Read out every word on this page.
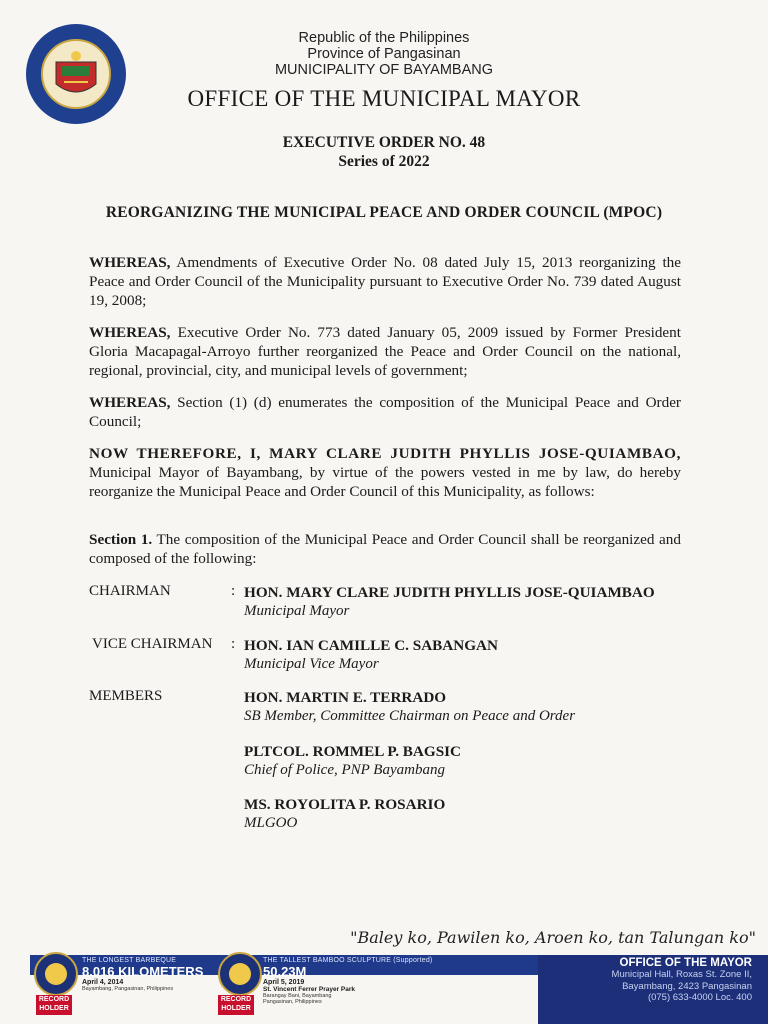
Republic of the Philippines
Province of Pangasinan
MUNICIPALITY OF BAYAMBANG
OFFICE OF THE MUNICIPAL MAYOR
EXECUTIVE ORDER NO. 48
Series of 2022
REORGANIZING THE MUNICIPAL PEACE AND ORDER COUNCIL (MPOC)
WHEREAS, Amendments of Executive Order No. 08 dated July 15, 2013 reorganizing the Peace and Order Council of the Municipality pursuant to Executive Order No. 739 dated August 19, 2008;
WHEREAS, Executive Order No. 773 dated January 05, 2009 issued by Former President Gloria Macapagal-Arroyo further reorganized the Peace and Order Council on the national, regional, provincial, city, and municipal levels of government;
WHEREAS, Section (1) (d) enumerates the composition of the Municipal Peace and Order Council;
NOW THEREFORE, I, MARY CLARE JUDITH PHYLLIS JOSE-QUIAMBAO, Municipal Mayor of Bayambang, by virtue of the powers vested in me by law, do hereby reorganize the Municipal Peace and Order Council of this Municipality, as follows:
Section 1. The composition of the Municipal Peace and Order Council shall be reorganized and composed of the following:
CHAIRMAN	: HON. MARY CLARE JUDITH PHYLLIS JOSE-QUIAMBAO
Municipal Mayor
VICE CHAIRMAN : HON. IAN CAMILLE C. SABANGAN
Municipal Vice Mayor
MEMBERS	HON. MARTIN E. TERRADO
SB Member, Committee Chairman on Peace and Order
PLTCOL. ROMMEL P. BAGSIC
Chief of Police, PNP Bayambang
MS. ROYOLITA P. ROSARIO
MLGOO
"Baley ko, Pawilen ko, Aroen ko, tan Talungan ko"
RECORD HOLDER
THE LONGEST BARBEQUE
8.016 KILOMETERS
April 4, 2014
Bayambang, Pangasinan, Philippines
RECORD HOLDER
THE TALLEST BAMBOO SCULPTURE (Supported)
50.23M
April 5, 2019
St. Vincent Ferrer Prayer Park
Barangay Bani, Bayambang Pangasinan, Philippines
OFFICE OF THE MAYOR
Municipal Hall, Roxas St. Zone II,
Bayambang, 2423 Pangasinan
(075) 633-4000 Loc. 400
